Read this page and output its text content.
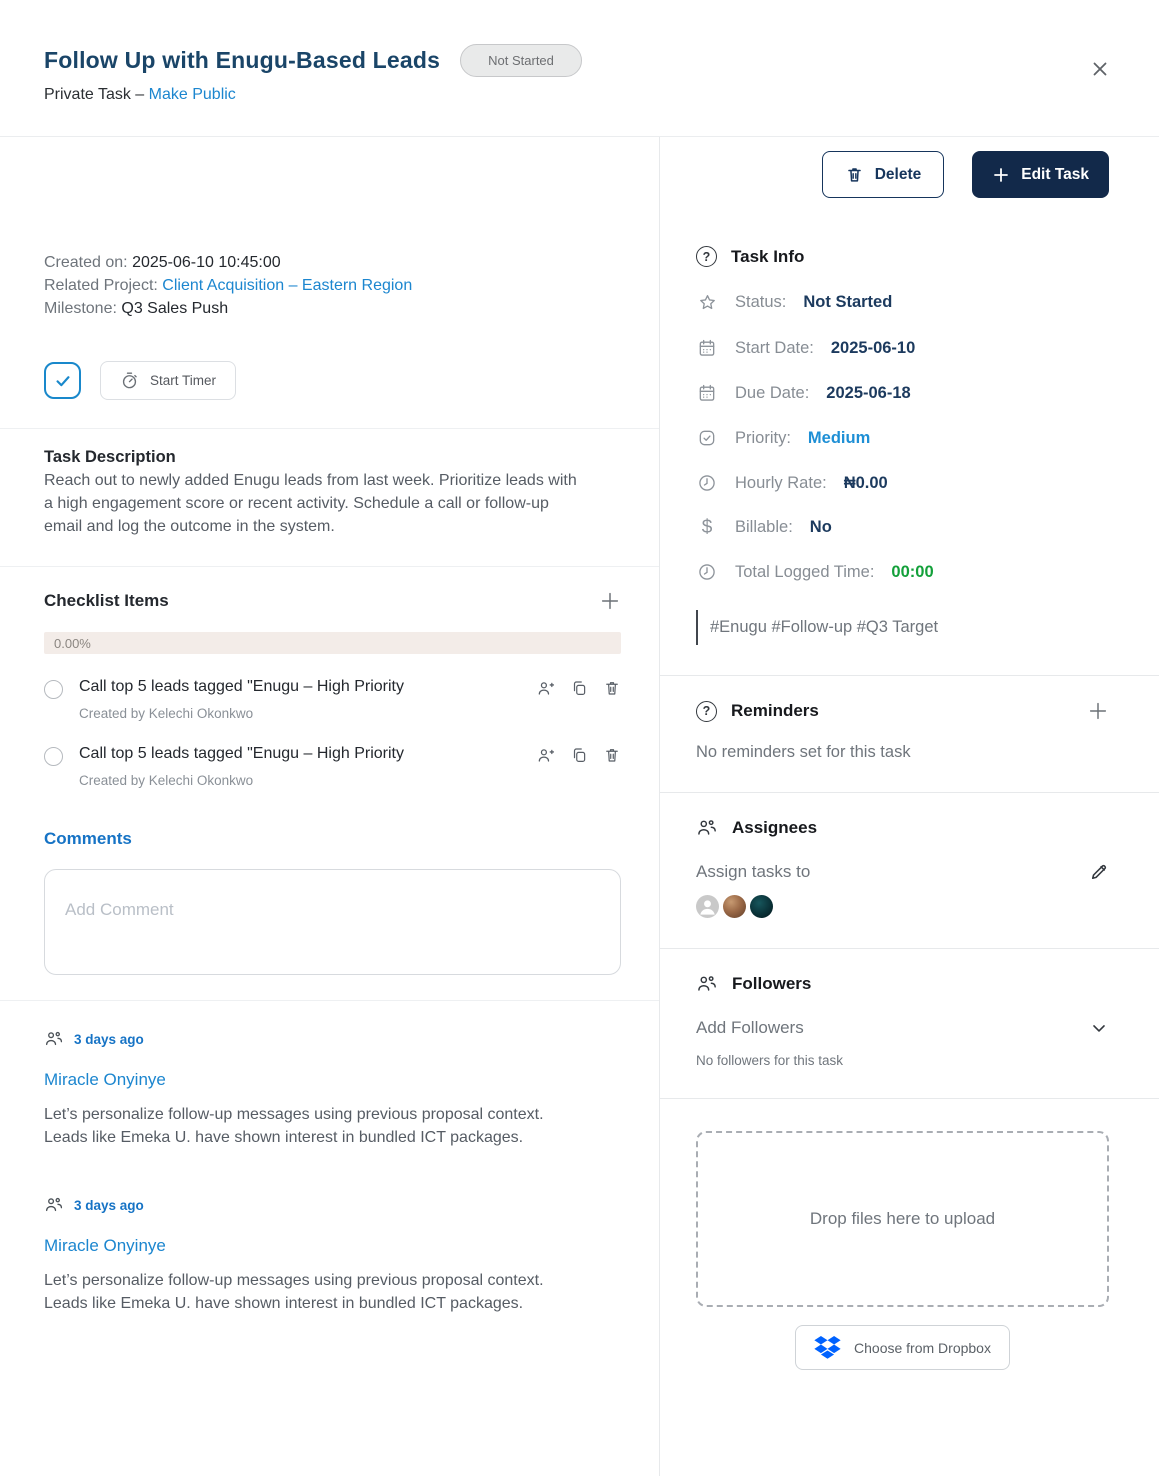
Follow Up with Enugu-Based Leads	Not Started
Private Task – Make Public
Created on: 2025-06-10 10:45:00
Related Project: Client Acquisition – Eastern Region
Milestone: Q3 Sales Push
Start Timer
Task Description

Reach out to newly added Enugu leads from last week. Prioritize leads with a high engagement score or recent activity. Schedule a call or follow-up email and log the outcome in the system.

Checklist Items
0.00%
Call top 5 leads tagged "Enugu – High Priority
Created by Kelechi Okonkwo
Call top 5 leads tagged "Enugu – High Priority
Created by Kelechi Okonkwo
Comments
Add Comment
3 days ago
Miracle Onyinye
Let’s personalize follow-up messages using previous proposal context. Leads like Emeka U. have shown interest in bundled ICT packages.
3 days ago
Miracle Onyinye
Let’s personalize follow-up messages using previous proposal context. Leads like Emeka U. have shown interest in bundled ICT packages.
Delete	Edit Task
?
Task Info
Status: Not Started
Start Date: 2025-06-10
Due Date: 2025-06-18
Priority: Medium
Hourly Rate: ₦0.00
Billable: No
Total Logged Time: 00:00
#Enugu #Follow-up #Q3 Target
?
Reminders
No reminders set for this task
Assignees
Assign tasks to
Followers
Add Followers
No followers for this task
Drop files here to upload
Choose from Dropbox
